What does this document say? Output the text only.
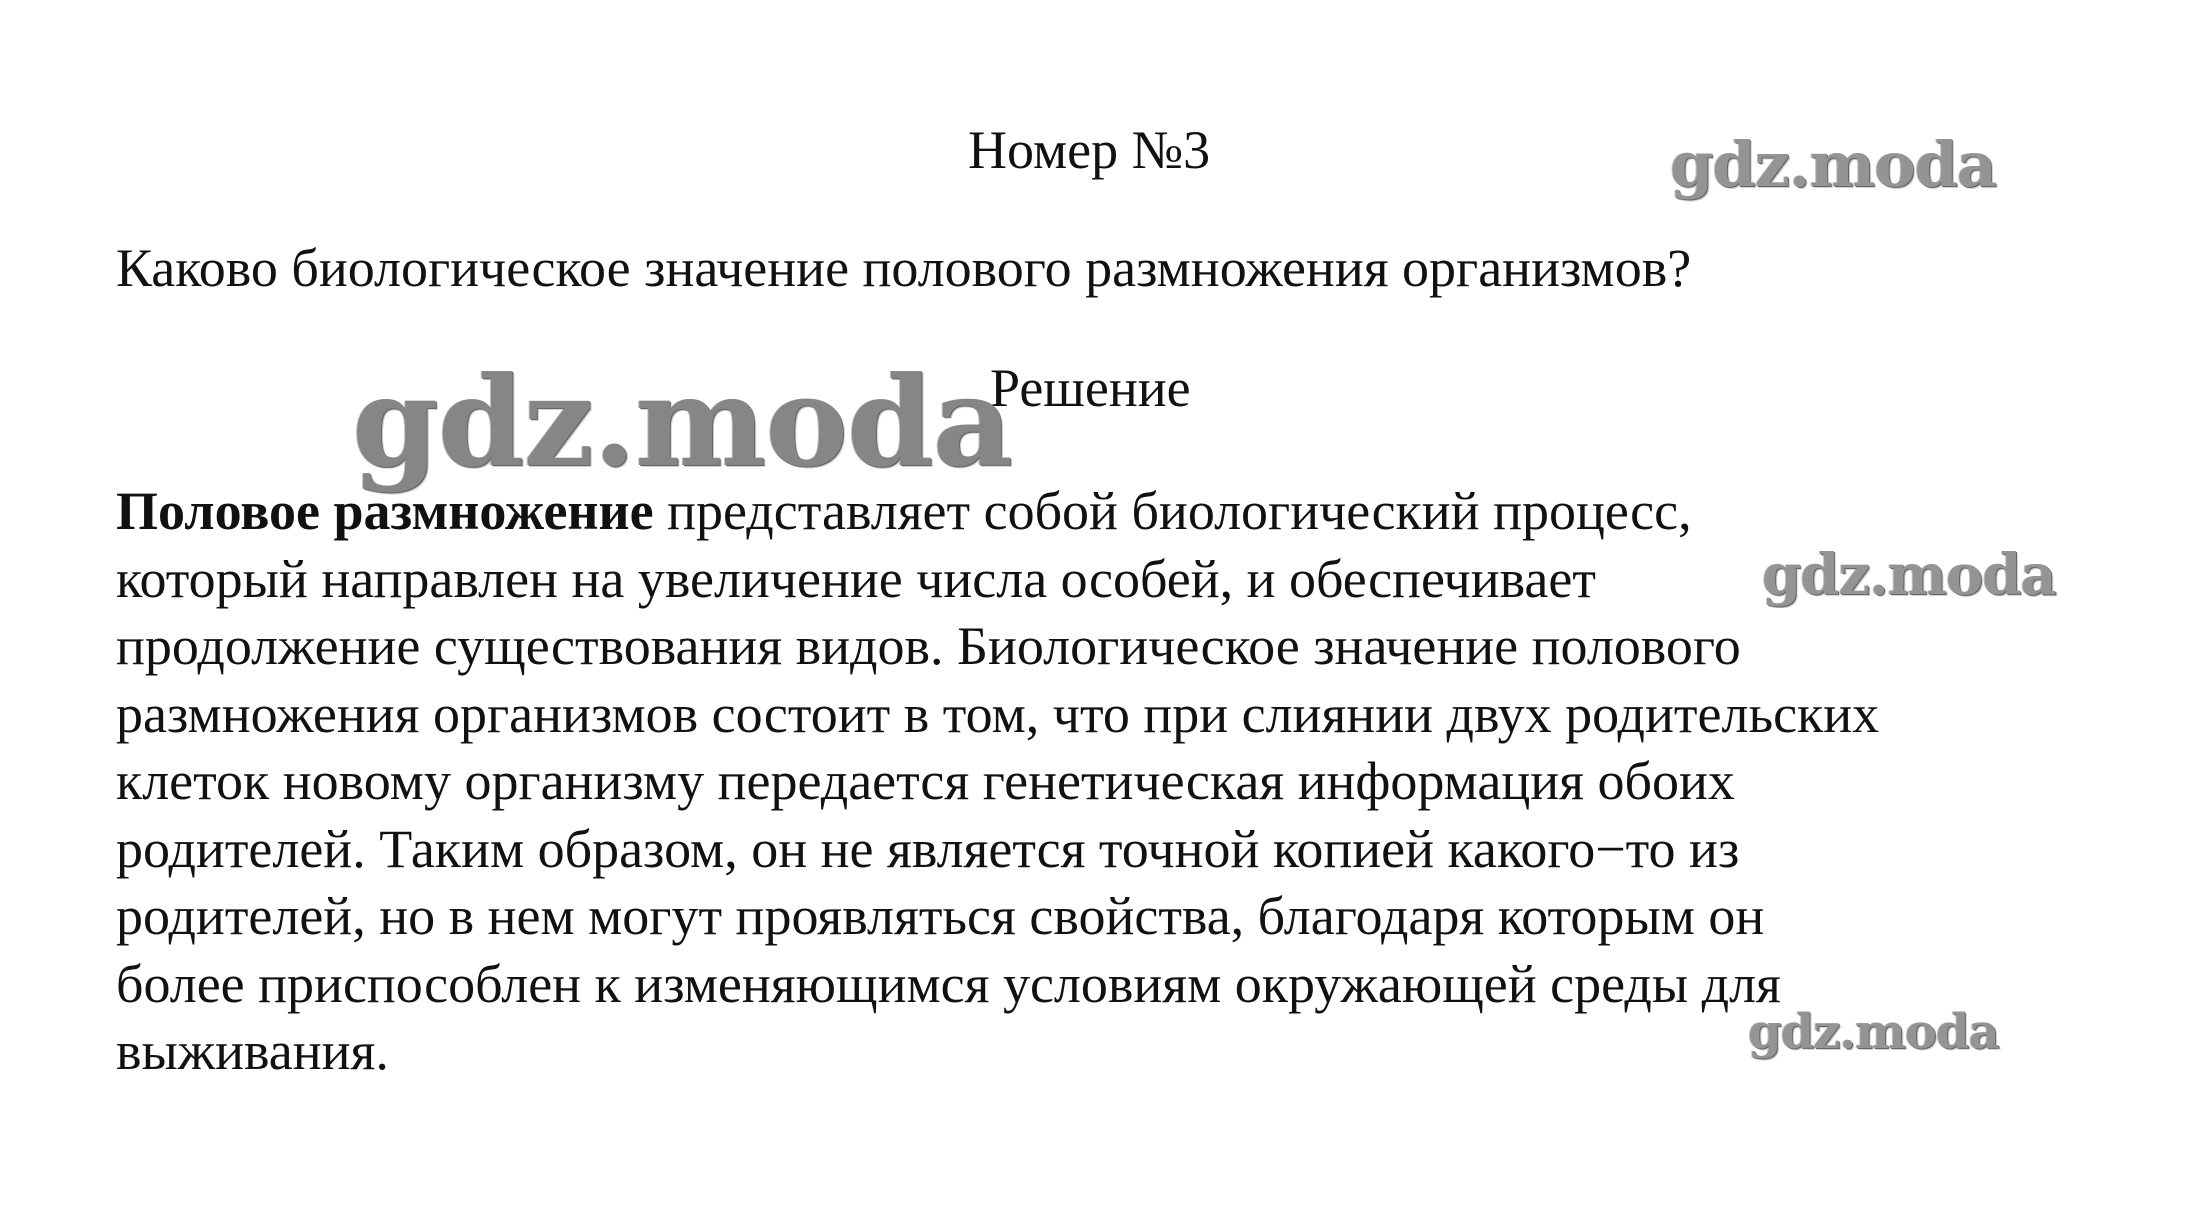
Номер №3
Каково биологическое значение полового размножения организмов?
Решение
Половое размножение представляет собой биологический процесс,
который направлен на увеличение числа особей, и обеспечивает
продолжение существования видов. Биологическое значение полового
размножения организмов состоит в том, что при слиянии двух родительских
клеток новому организму передается генетическая информация обоих
родителей. Таким образом, он не является точной копией какого−то из
родителей, но в нем могут проявляться свойства, благодаря которым он
более приспособлен к изменяющимся условиям окружающей среды для
выживания.
gdz.moda
gdz.moda
gdz.moda
gdz.moda
